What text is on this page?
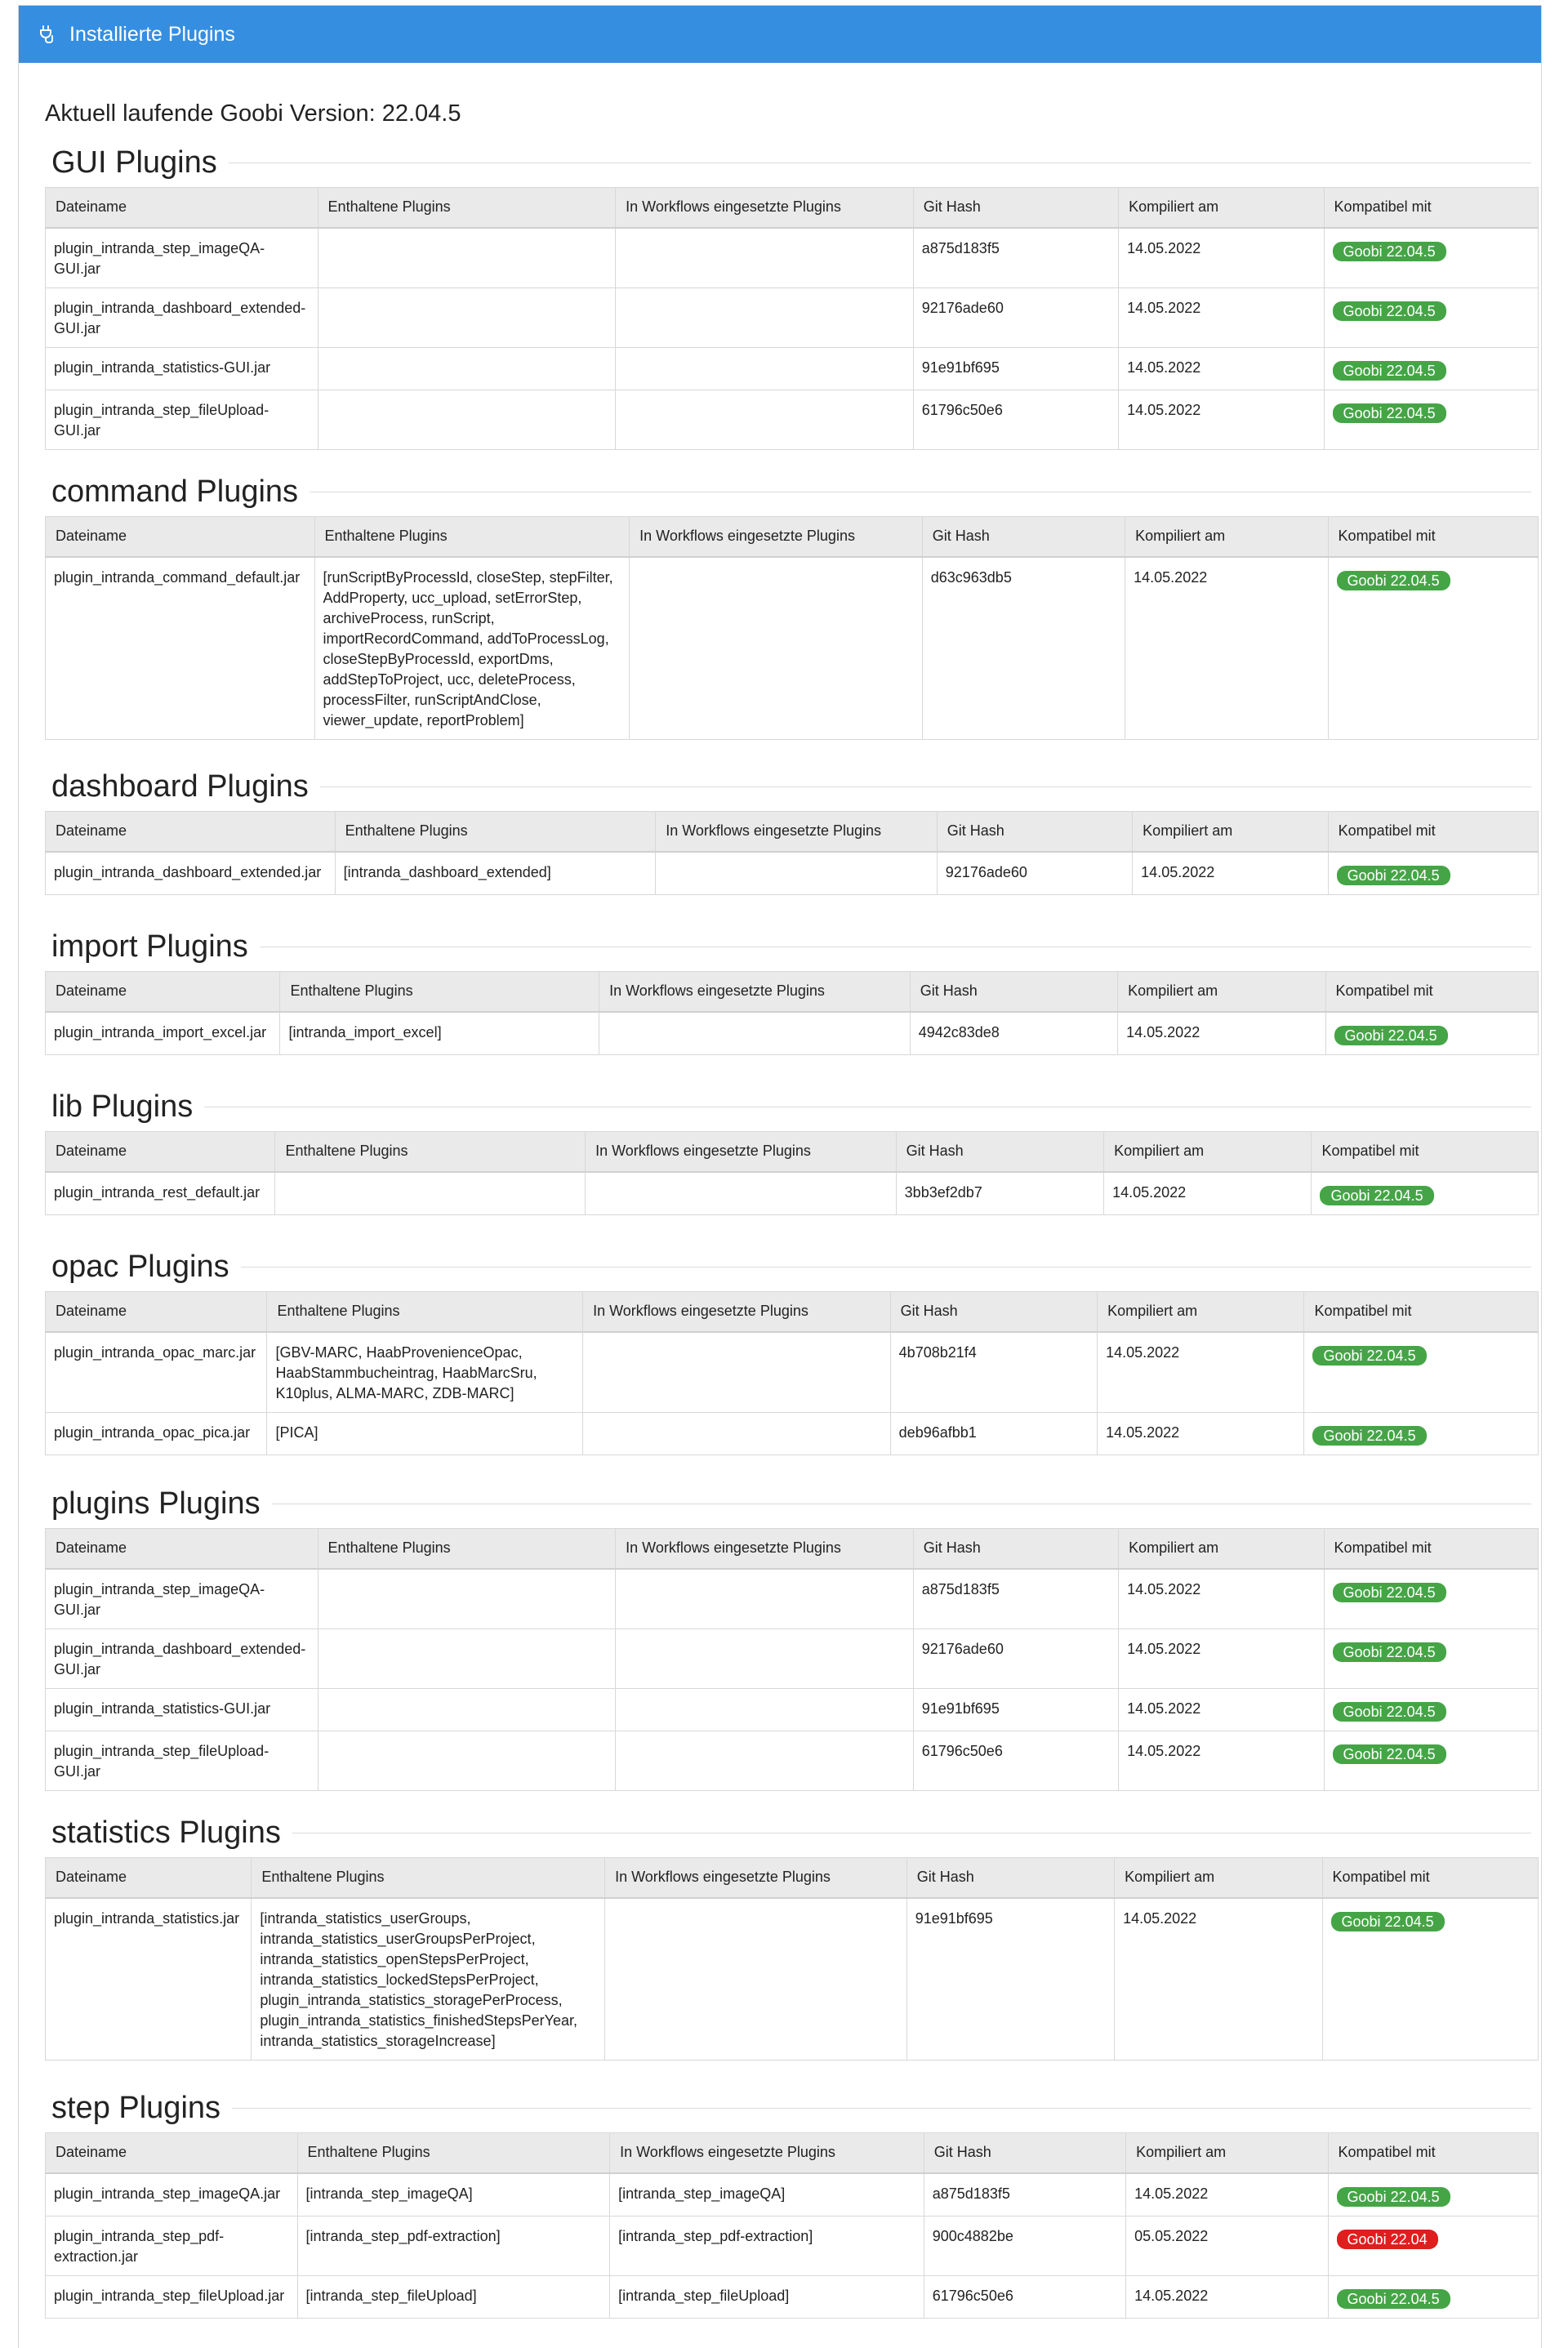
Installierte Plugins
Aktuell laufende Goobi Version: 22.04.5
GUI Plugins
Dateiname	Enthaltene Plugins	In Workflows eingesetzte Plugins	Git Hash	Kompiliert am	Kompatibel mit
plugin_intranda_step_imageQA-GUI.jar			a875d183f5	14.05.2022	Goobi 22.04.5
plugin_intranda_dashboard_extended-GUI.jar			92176ade60	14.05.2022	Goobi 22.04.5
plugin_intranda_statistics-GUI.jar			91e91bf695	14.05.2022	Goobi 22.04.5
plugin_intranda_step_fileUpload-GUI.jar			61796c50e6	14.05.2022	Goobi 22.04.5
command Plugins
Dateiname	Enthaltene Plugins	In Workflows eingesetzte Plugins	Git Hash	Kompiliert am	Kompatibel mit
plugin_intranda_command_default.jar	[runScriptByProcessId, closeStep, stepFilter, AddProperty, ucc_upload, setErrorStep, archiveProcess, runScript, importRecordCommand, addToProcessLog, closeStepByProcessId, exportDms, addStepToProject, ucc, deleteProcess, processFilter, runScriptAndClose, viewer_update, reportProblem]		d63c963db5	14.05.2022	Goobi 22.04.5
dashboard Plugins
Dateiname	Enthaltene Plugins	In Workflows eingesetzte Plugins	Git Hash	Kompiliert am	Kompatibel mit
plugin_intranda_dashboard_extended.jar	[intranda_dashboard_extended]		92176ade60	14.05.2022	Goobi 22.04.5
import Plugins
Dateiname	Enthaltene Plugins	In Workflows eingesetzte Plugins	Git Hash	Kompiliert am	Kompatibel mit
plugin_intranda_import_excel.jar	[intranda_import_excel]		4942c83de8	14.05.2022	Goobi 22.04.5
lib Plugins
Dateiname	Enthaltene Plugins	In Workflows eingesetzte Plugins	Git Hash	Kompiliert am	Kompatibel mit
plugin_intranda_rest_default.jar			3bb3ef2db7	14.05.2022	Goobi 22.04.5
opac Plugins
Dateiname	Enthaltene Plugins	In Workflows eingesetzte Plugins	Git Hash	Kompiliert am	Kompatibel mit
plugin_intranda_opac_marc.jar	[GBV-MARC, HaabProvenienceOpac, HaabStammbucheintrag, HaabMarcSru, K10plus, ALMA-MARC, ZDB-MARC]		4b708b21f4	14.05.2022	Goobi 22.04.5
plugin_intranda_opac_pica.jar	[PICA]		deb96afbb1	14.05.2022	Goobi 22.04.5
plugins Plugins
Dateiname	Enthaltene Plugins	In Workflows eingesetzte Plugins	Git Hash	Kompiliert am	Kompatibel mit
plugin_intranda_step_imageQA-GUI.jar			a875d183f5	14.05.2022	Goobi 22.04.5
plugin_intranda_dashboard_extended-GUI.jar			92176ade60	14.05.2022	Goobi 22.04.5
plugin_intranda_statistics-GUI.jar			91e91bf695	14.05.2022	Goobi 22.04.5
plugin_intranda_step_fileUpload-GUI.jar			61796c50e6	14.05.2022	Goobi 22.04.5
statistics Plugins
Dateiname	Enthaltene Plugins	In Workflows eingesetzte Plugins	Git Hash	Kompiliert am	Kompatibel mit
plugin_intranda_statistics.jar	[intranda_statistics_userGroups, intranda_statistics_userGroupsPerProject, intranda_statistics_openStepsPerProject, intranda_statistics_lockedStepsPerProject, plugin_intranda_statistics_storagePerProcess, plugin_intranda_statistics_finishedStepsPerYear, intranda_statistics_storageIncrease]		91e91bf695	14.05.2022	Goobi 22.04.5
step Plugins
Dateiname	Enthaltene Plugins	In Workflows eingesetzte Plugins	Git Hash	Kompiliert am	Kompatibel mit
plugin_intranda_step_imageQA.jar	[intranda_step_imageQA]	[intranda_step_imageQA]	a875d183f5	14.05.2022	Goobi 22.04.5
plugin_intranda_step_pdf-extraction.jar	[intranda_step_pdf-extraction]	[intranda_step_pdf-extraction]	900c4882be	05.05.2022	Goobi 22.04
plugin_intranda_step_fileUpload.jar	[intranda_step_fileUpload]	[intranda_step_fileUpload]	61796c50e6	14.05.2022	Goobi 22.04.5
